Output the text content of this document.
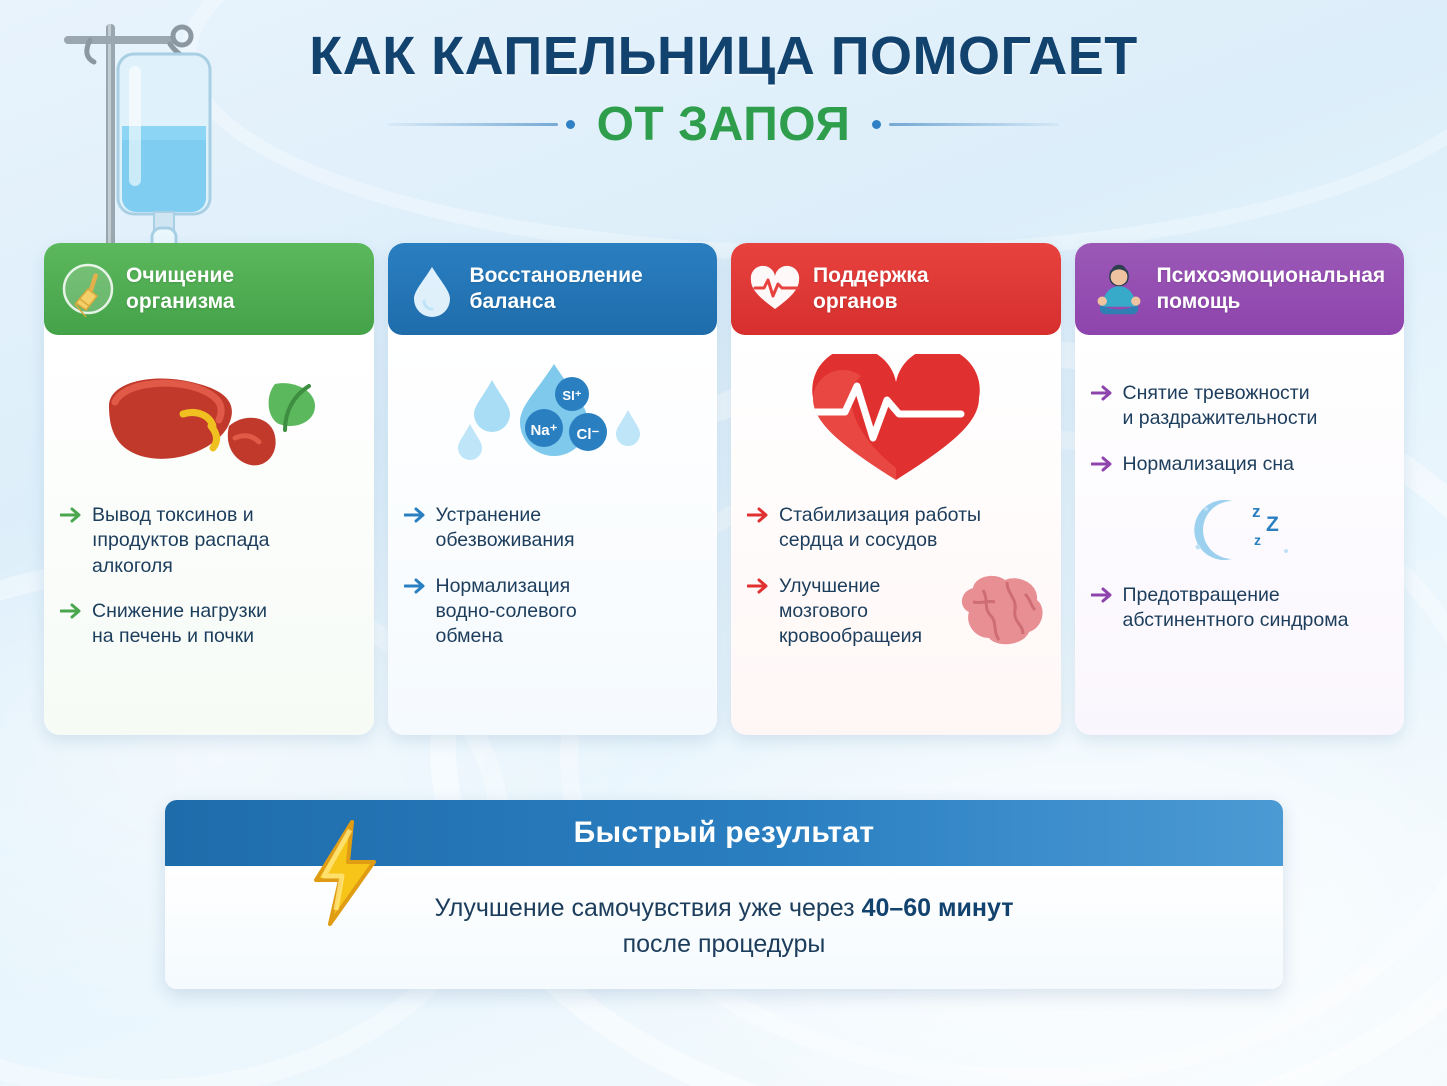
КАК КАПЕЛЬНИЦА ПОМОГАЕТ
ОТ ЗАПОЯ
Очищение
организма
Вывод токсинов и
ıпродуктов распада
алкоголя
Снижение нагрузки
на печень и почки
Восстановление
баланса
SI⁺
Na⁺ Cl⁻
Устранение
обезвоживания
Нормализация
водно-солевого
обмена
Поддержка
органов
Стабилизация работы
сердца и сосудов
Улучшение
мозгового
кровообращеия
Психоэмоциональная
помощь
Снятие тревожности
и раздражительности
Нормализация сна
z
Z
z
Предотвращение
абстинентного синдрома
Быстрый результат
Улучшение самочувствия уже через 40–60 минут
после процедуры
